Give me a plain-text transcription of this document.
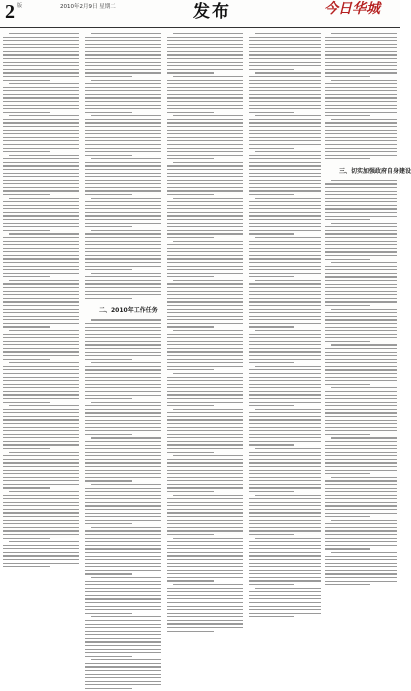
2 版	2010年2月9日 星期二	发布	今日华城
二、2010年工作任务
三、切实加强政府自身建设
